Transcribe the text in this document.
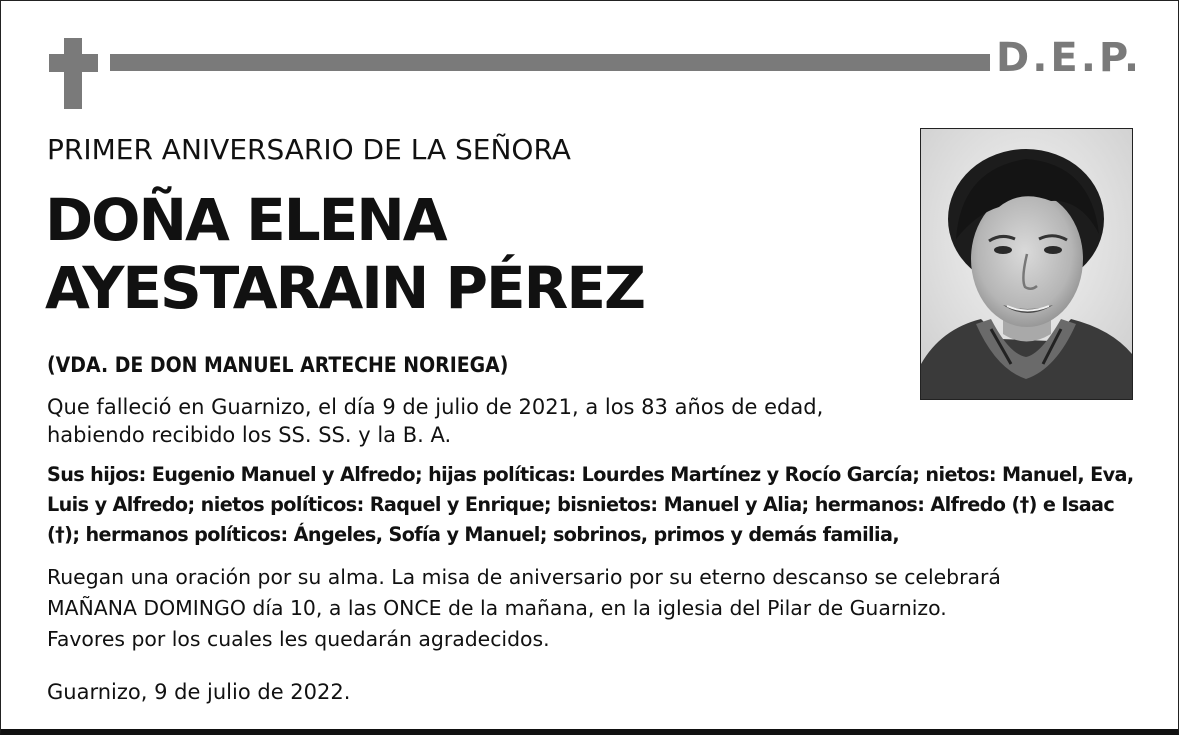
D.E.P.
PRIMER ANIVERSARIO DE LA SEÑORA
DOÑA ELENA
AYESTARAIN PÉREZ
(VDA. DE DON MANUEL ARTECHE NORIEGA)

Que falleció en Guarnizo, el día 9 de julio de 2021, a los 83 años de edad,

habiendo recibido los SS. SS. y la B. A.

Sus hijos: Eugenio Manuel y Alfredo; hijas políticas: Lourdes Martínez y Rocío García; nietos: Manuel, Eva, Luis y Alfredo; nietos políticos: Raquel y Enrique; bisnietos: Manuel y Alia; hermanos: Alfredo (†) e Isaac (†); hermanos políticos: Ángeles, Sofía y Manuel; sobrinos, primos y demás familia,

Ruegan una oración por su alma. La misa de aniversario por su eterno descanso se celebrará

MAÑANA DOMINGO día 10, a las ONCE de la mañana, en la iglesia del Pilar de Guarnizo.

Favores por los cuales les quedarán agradecidos.

Guarnizo, 9 de julio de 2022.
